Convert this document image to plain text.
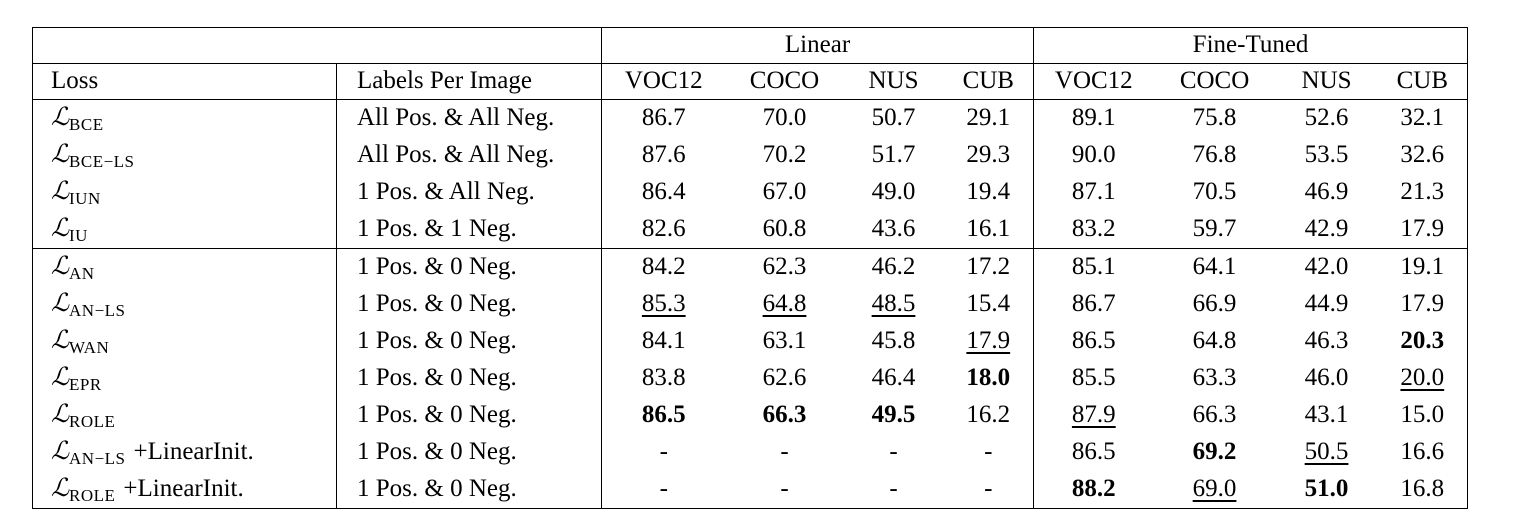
		Linear				Fine-Tuned			
Loss	Labels Per Image	VOC12	COCO	NUS	CUB	VOC12	COCO	NUS	CUB
ℒ$_{BCE}$	All Pos. & All Neg.	86.7	70.0	50.7	29.1	89.1	75.8	52.6	32.1
ℒ$_{BCE-LS}$	All Pos. & All Neg.	87.6	70.2	51.7	29.3	90.0	76.8	53.5	32.6
ℒ$_{IUN}$	1 Pos. & All Neg.	86.4	67.0	49.0	19.4	87.1	70.5	46.9	21.3
ℒ$_{IU}$	1 Pos. & 1 Neg.	82.6	60.8	43.6	16.1	83.2	59.7	42.9	17.9
ℒ$_{AN}$	1 Pos. & 0 Neg.	84.2	62.3	46.2	17.2	85.1	64.1	42.0	19.1
ℒ$_{AN-LS}$	1 Pos. & 0 Neg.	85.3	64.8	48.5	15.4	86.7	66.9	44.9	17.9
ℒ$_{WAN}$	1 Pos. & 0 Neg.	84.1	63.1	45.8	17.9	86.5	64.8	46.3	20.3
ℒ$_{EPR}$	1 Pos. & 0 Neg.	83.8	62.6	46.4	18.0	85.5	63.3	46.0	20.0
ℒ$_{ROLE}$	1 Pos. & 0 Neg.	86.5	66.3	49.5	16.2	87.9	66.3	43.1	15.0
ℒ$_{AN-LS}$ +LinearInit.	1 Pos. & 0 Neg.	-	-	-	-	86.5	69.2	50.5	16.6
ℒ$_{ROLE}$ +LinearInit.	1 Pos. & 0 Neg.	-	-	-	-	88.2	69.0	51.0	16.8
